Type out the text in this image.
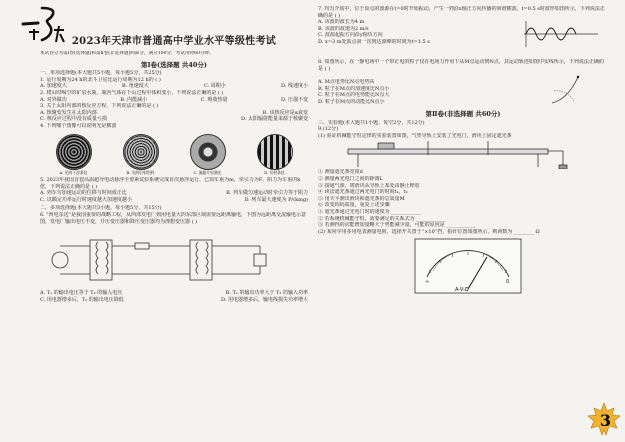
2023年天津市普通高中学业水平等级性考试
本试卷分为第Ⅰ卷(选择题)和第Ⅱ卷(非选择题)两部分，满分100分，考试用时60分钟。
第Ⅰ卷(选择题 共40分)
一、单项选择题(本大题共5小题，每小题5分，共25分)
1. 运行周期为24 h的北斗卫星比运行周期为12 h的 ( )
A. 加速度大	B. 角速度大	C. 周期小	D. 线速度小
2. 爬山时喝空的矿泉水瓶，瓶内气体在下山过程中体积变小，下列说法正确的是 ( )
A. 对外做功	B. 内能减小	C. 吸收热量	D. 压强不变
3. 关于太阳内部的核反应方程，下列说法正确的是 ( )
A. 核聚变发生在太阳内部	B. 该核反应是α衰变
C. 核反应过程中没有质量亏损	D. 太阳辐射能量来源于核聚变
4. 下列哪个图像可以说明光是横波
A. 光的干涉条纹	B. 光的衍射图样	C. 偏振片检测光	D. 衍射条纹
5. 2023年我国首套高温超导电动悬浮全要素试验系统完成首次悬浮运行，已知车重为m，牵引力为F，阻力为车重的k倍，下列说法正确的是 ( )
A. 列车匀加速运动的位移与时间成正比	B. 列车做匀速运动时牵引力等于阻力
C. 以额定功率运行时速度越大加速度越小	D. 列车最大速度为 P/(kmg)
二、多项选择题(本大题共3小题，每小题5分，共15分)
6. "西电东送"是我国重要的战略工程，从西部发电厂到用电量大的东部区域需要远距离输电，下图为远距离交流输电示意图，发电厂输出电压不变，升压变压器和降压变压器均为理想变压器 ( )
A. T₁ 的输出电压等于 T₂ 的输入电压	B. T₁ 的输出功率大于 T₂ 的输入功率
C. 用电器增多后，T₂ 的输出电压降低	D. 用电器增多后，输电线损失功率增大
7. 均匀介质中，位于原点的波源在t=0时开始振动，产生一列沿x轴正方向传播的简谐横波，t=0.5 s时波形如图所示，下列说法正确的是 ( )
A. 该波的波长为4 m
B. 该波的波速为2 m/s
C. 波源起振方向沿y轴负方向
D. x=3 m处质点第一次到达波峰的时刻为t=1.5 s
8. 如图所示，在一静电场中一个带正电的粒子仅在电场力作用下从M点运动到N点，其运动轨迹如图中实线所示，下列说法正确的是 ( )
A. M点电势比N点电势高
B. 粒子在M点的加速度比N点小
C. 粒子在M点的电势能比N点大
D. 粒子在M点的动能比N点小
第Ⅱ卷(非选择题 共60分)
三、实验题(本大题共1小题，每空2分，共12分)
9.(12分)
(1) 验证机械能守恒定律的实验装置如图，气垫导轨上安装了光电门，滑块上固定遮光条
① 测量遮光条宽度d
② 测量两光电门之间的距离L
③ 接通气源，将滑块从导轨上某处由静止释放
④ 读出遮光条通过两光电门的时间t₁、t₂
⑤ 用天平测出滑块和遮光条的总质量M
⑥ 改变钩码质量，重复上述步骤
① 遮光条通过光电门时的速度为 ____________
② 若系统机械能守恒，需要满足的关系式为 ____________
③ 若测得的动能增加量略大于势能减少量，可能的原因是 ____________
(2) 某同学用多用电表测量电阻，选择开关置于“×10”挡，指针位置如图所示，则读数为 ________ Ω
∞	0
A-V-Ω
3
